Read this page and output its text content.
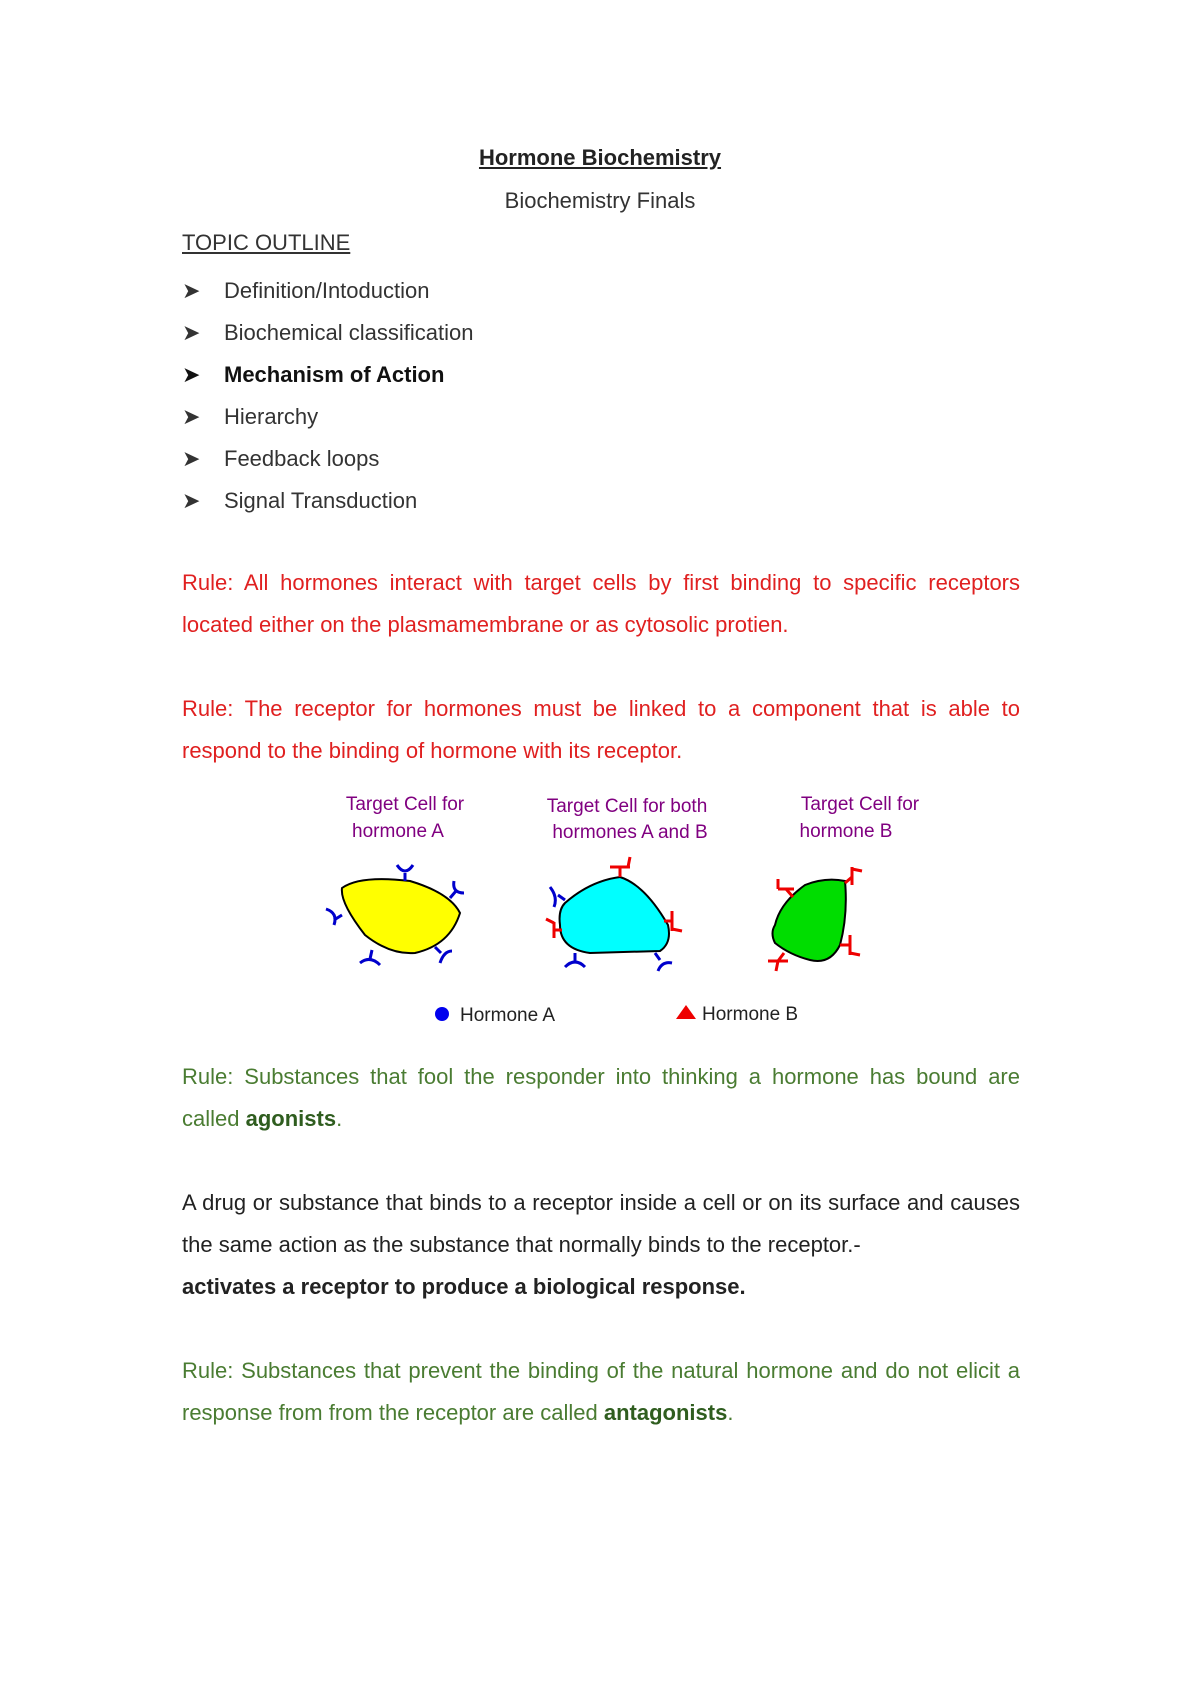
Hormone Biochemistry
Biochemistry Finals
TOPIC OUTLINE
➤	Definition/Intoduction
➤	Biochemical classification
➤	Mechanism of Action
➤	Hierarchy
➤	Feedback loops
➤	Signal Transduction

Rule: All hormones interact with target cells by first binding to specific receptors located either on the plasmamembrane or as cytosolic protien.

Rule: The receptor for hormones must be linked to a component that is able to respond to the binding of hormone with its receptor.

Target Cell for
hormone A
Target Cell for both
hormones A and B
Target Cell for
hormone B
Hormone A	Hormone B

Rule: Substances that fool the responder into thinking a hormone has bound are called agonists.

A drug or substance that binds to a receptor inside a cell or on its surface and causes the same action as the substance that normally binds to the receptor.-
activates a receptor to produce a biological response.

Rule: Substances that prevent the binding of the natural hormone and do not elicit a response from from the receptor are called antagonists.
